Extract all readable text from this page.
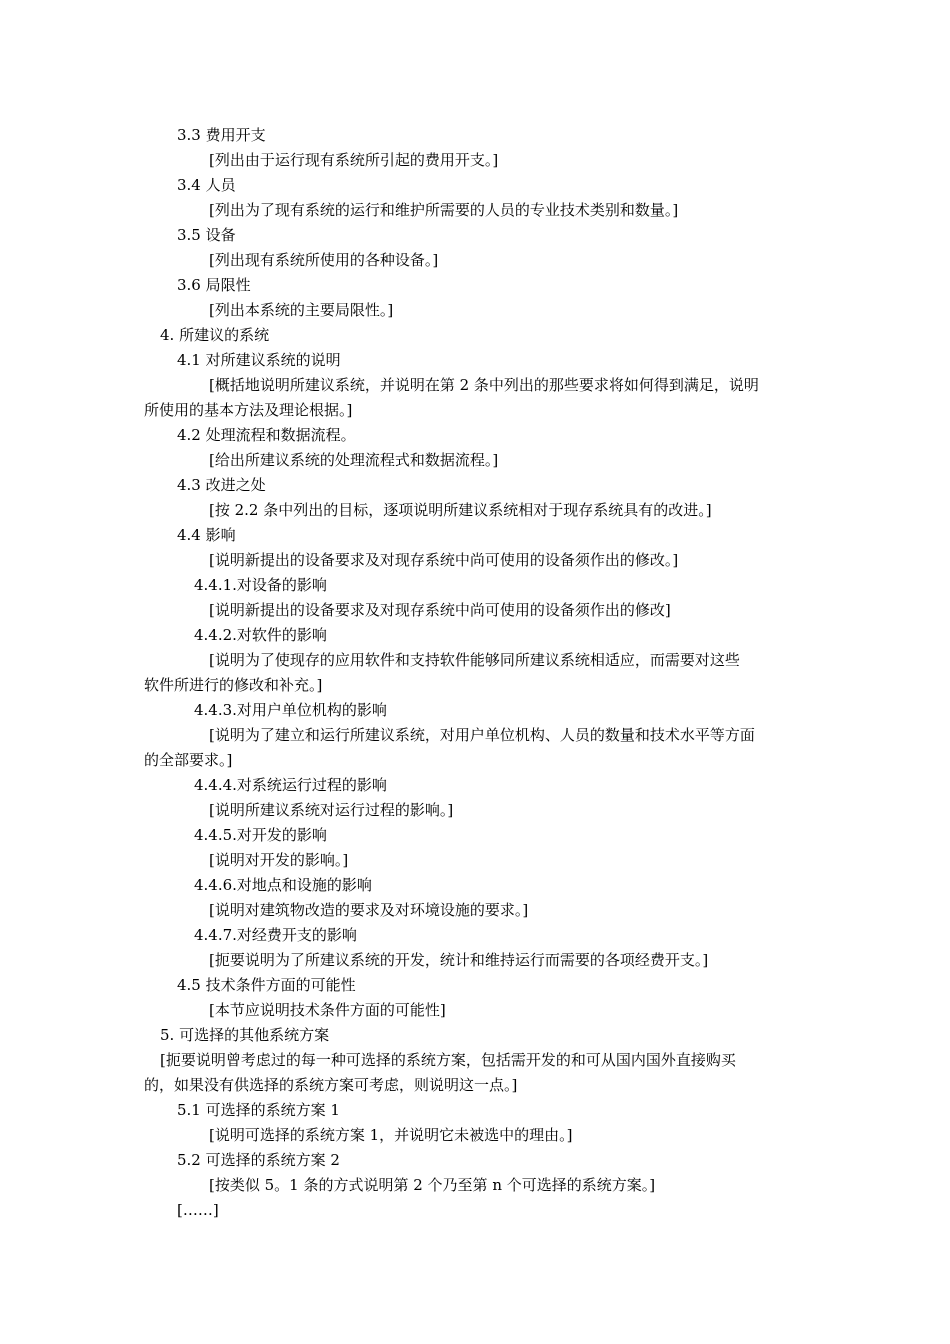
3.3 费用开支

[列出由于运行现有系统所引起的费用开支。]

3.4 人员

[列出为了现有系统的运行和维护所需要的人员的专业技术类别和数量。]

3.5 设备

[列出现有系统所使用的各种设备。]

3.6 局限性

[列出本系统的主要局限性。]

4. 所建议的系统

4.1 对所建议系统的说明

[概括地说明所建议系统，并说明在第 2 条中列出的那些要求将如何得到满足，说明

所使用的基本方法及理论根据。]

4.2 处理流程和数据流程。

[给出所建议系统的处理流程式和数据流程。]

4.3 改进之处

[按 2.2 条中列出的目标，逐项说明所建议系统相对于现存系统具有的改进。]

4.4 影响

[说明新提出的设备要求及对现存系统中尚可使用的设备须作出的修改。]

4.4.1.对设备的影响

[说明新提出的设备要求及对现存系统中尚可使用的设备须作出的修改]

4.4.2.对软件的影响

[说明为了使现存的应用软件和支持软件能够同所建议系统相适应，而需要对这些

软件所进行的修改和补充。]

4.4.3.对用户单位机构的影响

[说明为了建立和运行所建议系统，对用户单位机构、人员的数量和技术水平等方面

的全部要求。]

4.4.4.对系统运行过程的影响

[说明所建议系统对运行过程的影响。]

4.4.5.对开发的影响

[说明对开发的影响。]

4.4.6.对地点和设施的影响

[说明对建筑物改造的要求及对环境设施的要求。]

4.4.7.对经费开支的影响

[扼要说明为了所建议系统的开发，统计和维持运行而需要的各项经费开支。]

4.5 技术条件方面的可能性

[本节应说明技术条件方面的可能性]

5. 可选择的其他系统方案

[扼要说明曾考虑过的每一种可选择的系统方案，包括需开发的和可从国内国外直接购买

的，如果没有供选择的系统方案可考虑，则说明这一点。]

5.1 可选择的系统方案 1

[说明可选择的系统方案 1，并说明它未被选中的理由。]

5.2 可选择的系统方案 2

[按类似 5。1 条的方式说明第 2 个乃至第 n 个可选择的系统方案。]

[……]
